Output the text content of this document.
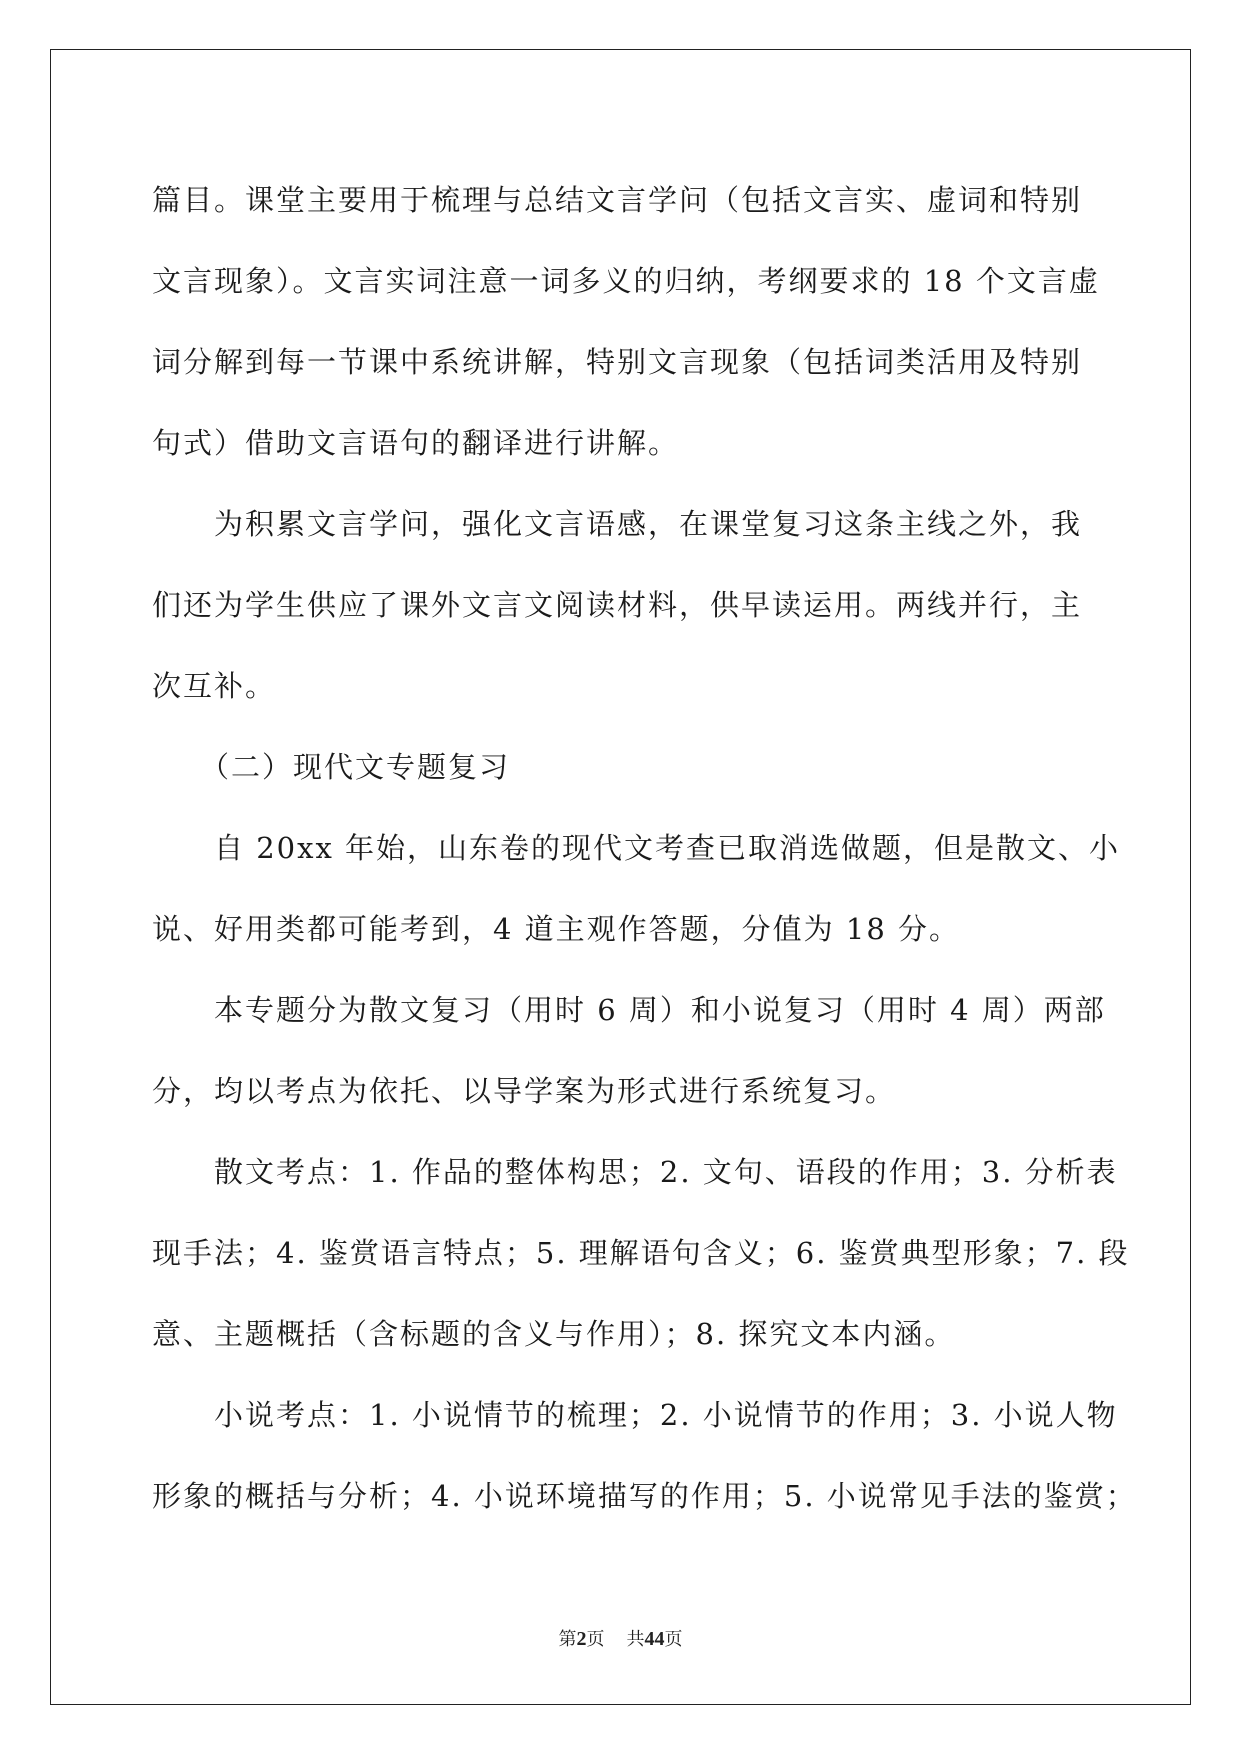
篇目。课堂主要用于梳理与总结文言学问（包括文言实、虚词和特别
文言现象）。文言实词注意一词多义的归纳，考纲要求的 18 个文言虚
词分解到每一节课中系统讲解，特别文言现象（包括词类活用及特别
句式）借助文言语句的翻译进行讲解。

为积累文言学问，强化文言语感，在课堂复习这条主线之外，我
们还为学生供应了课外文言文阅读材料，供早读运用。两线并行，主
次互补。

（二）现代文专题复习

自 20xx 年始，山东卷的现代文考查已取消选做题，但是散文、小
说、好用类都可能考到，4 道主观作答题，分值为 18 分。

本专题分为散文复习（用时 6 周）和小说复习（用时 4 周）两部
分，均以考点为依托、以导学案为形式进行系统复习。

散文考点：1. 作品的整体构思；2. 文句、语段的作用；3. 分析表
现手法；4. 鉴赏语言特点；5. 理解语句含义；6. 鉴赏典型形象；7. 段
意、主题概括（含标题的含义与作用）；8. 探究文本内涵。

小说考点：1. 小说情节的梳理；2. 小说情节的作用；3. 小说人物
形象的概括与分析；4. 小说环境描写的作用；5. 小说常见手法的鉴赏；

第2页 共44页
